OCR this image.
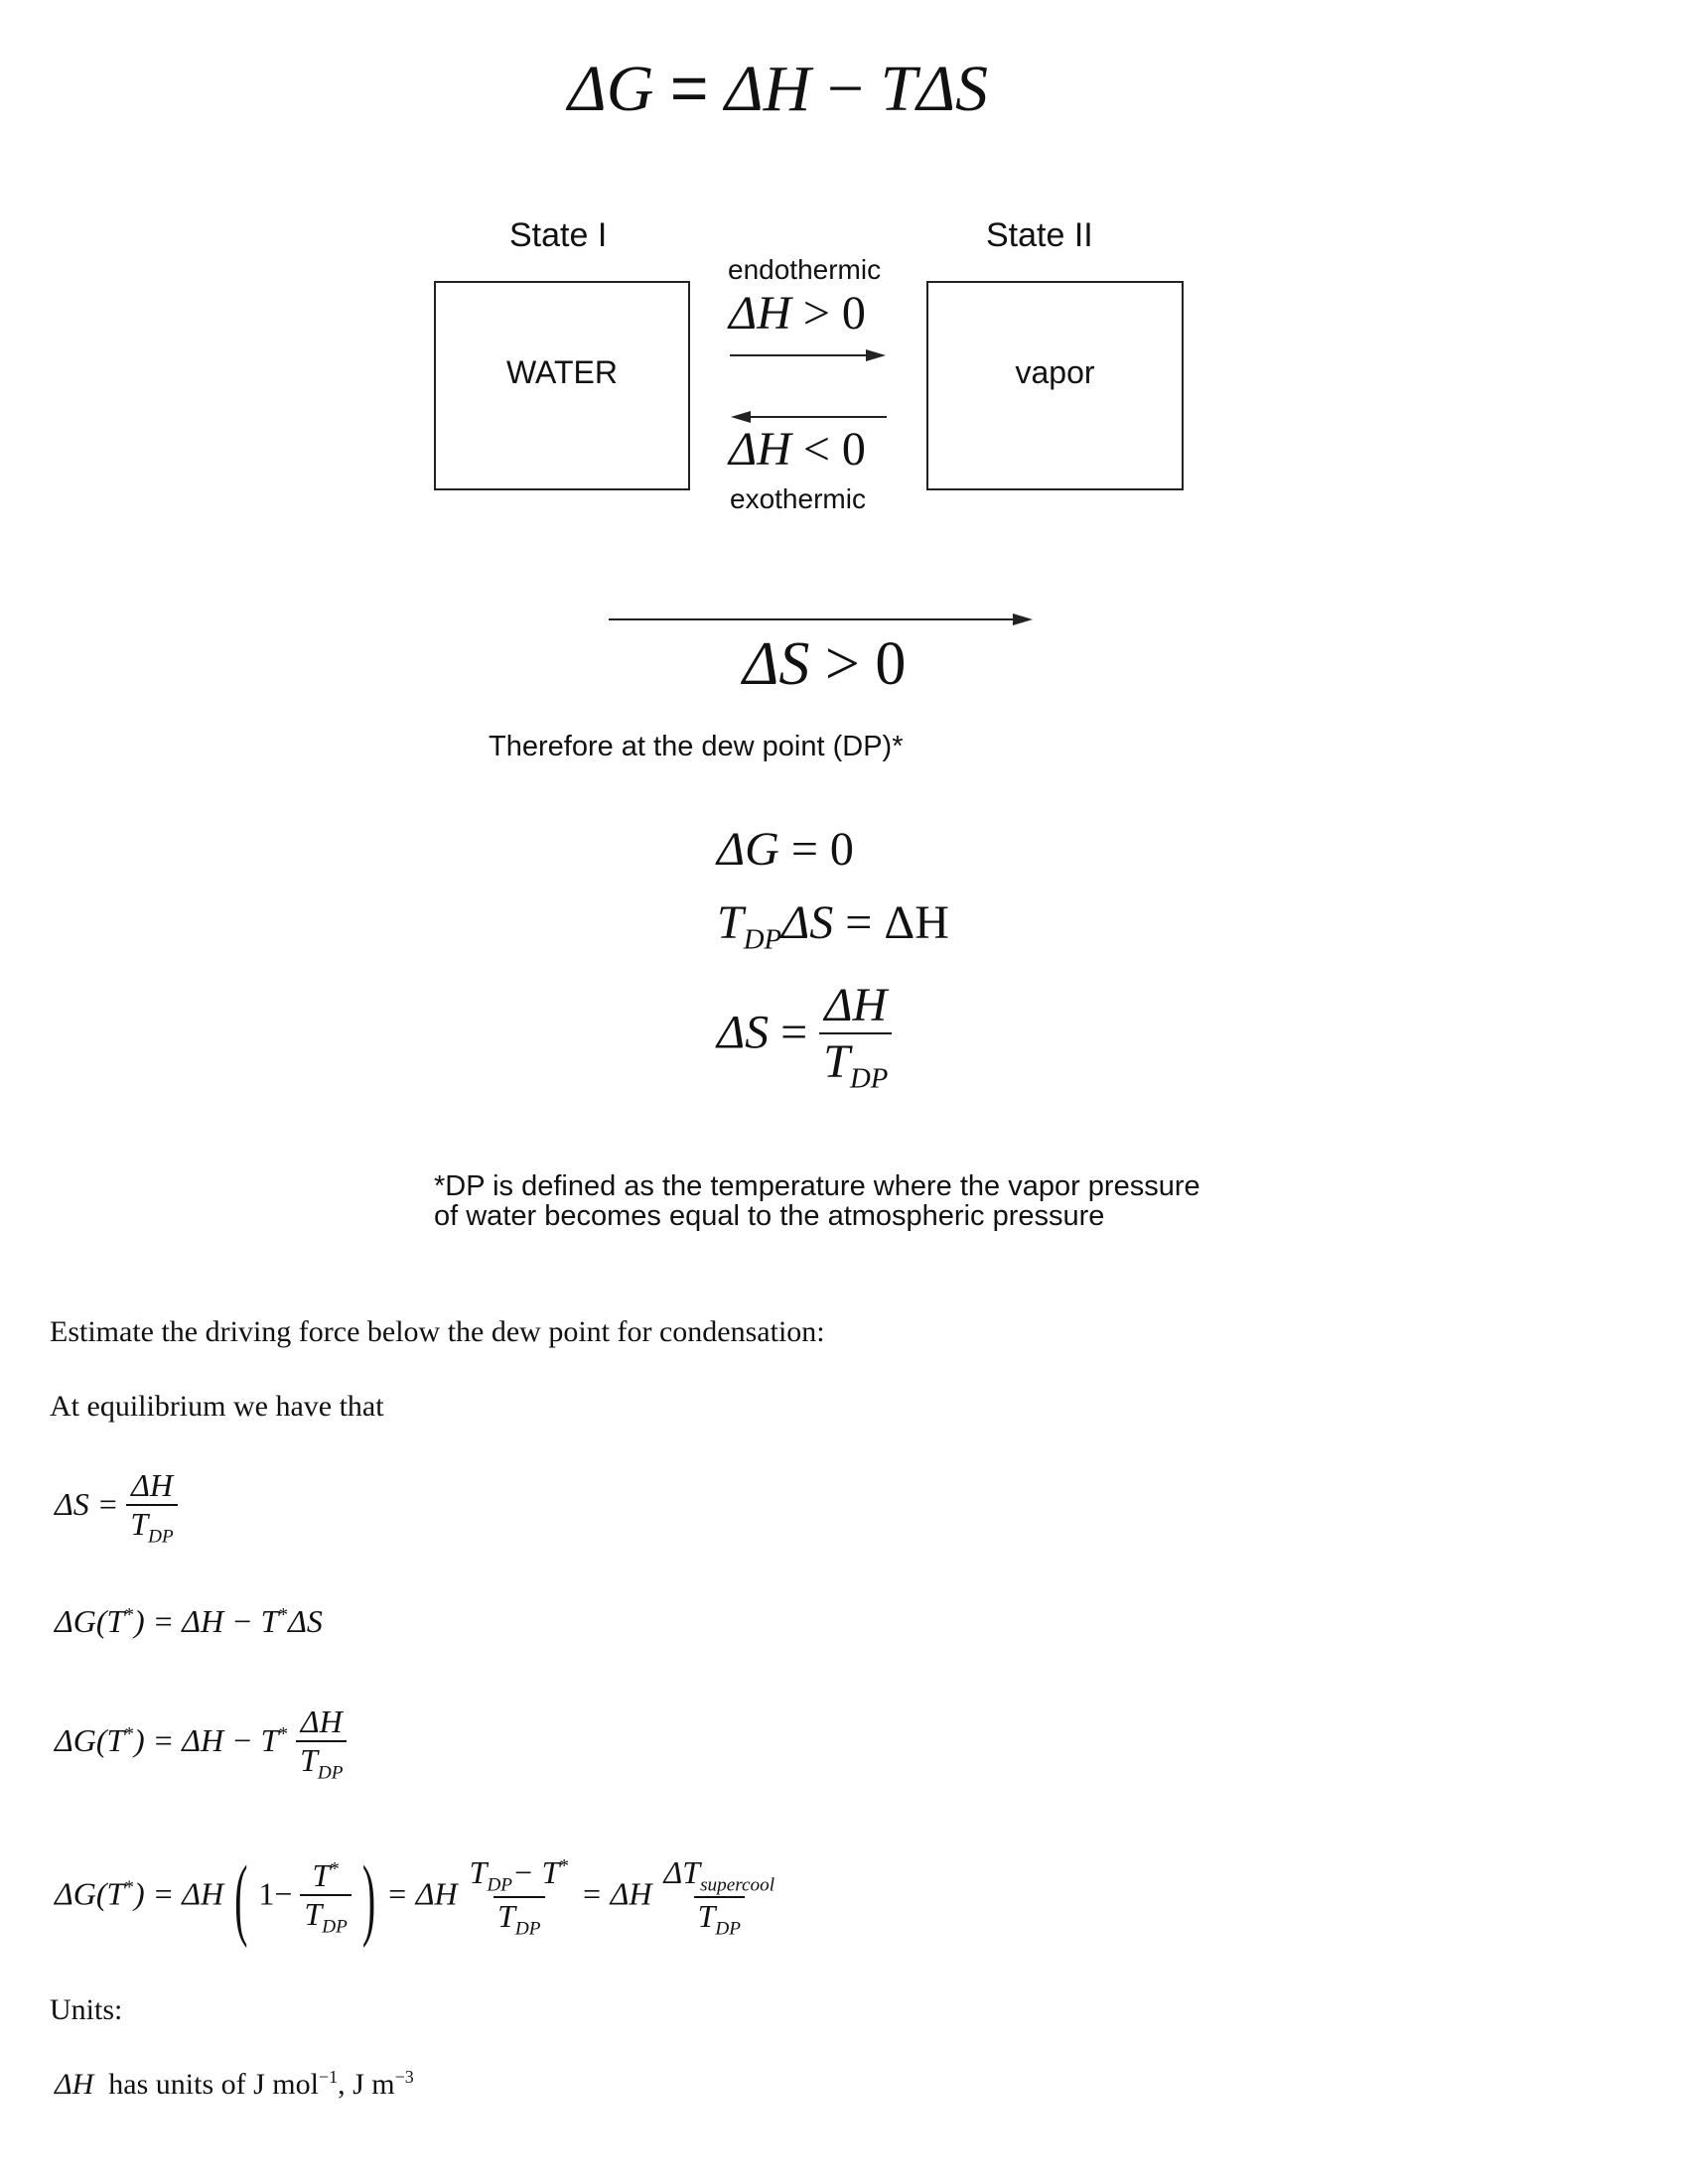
ΔG = ΔH − TΔS
State I	State II
WATER	vapor
endothermic
ΔH > 0
ΔH < 0
exothermic
ΔS > 0
Therefore at the dew point (DP)*
ΔG = 0
$T_{DP}\Delta S = \Delta H$
$\Delta S = \frac{\Delta H}{T_{DP}}$
*DP is defined as the temperature where the vapor pressure
of water becomes equal to the atmospheric pressure
Estimate the driving force below the dew point for condensation:
At equilibrium we have that
$\Delta S = \frac{\Delta H}{T_{DP}}$
ΔG(T*) = ΔH − T*ΔS
$\Delta G(T^*) = \Delta H - T^* \frac{\Delta H}{T_{DP}}$
ΔG(T*) = ΔH ( $1- \frac{T^*}{T_{DP}}$ ) = ΔH $\frac{T_{DP}- T^*}{T_{DP}} = \Delta H \frac{\Delta T_{supercool}}{T_{DP}}$
Units:
ΔH has units of J mol$^{-1}$, J $m^{-3}$
